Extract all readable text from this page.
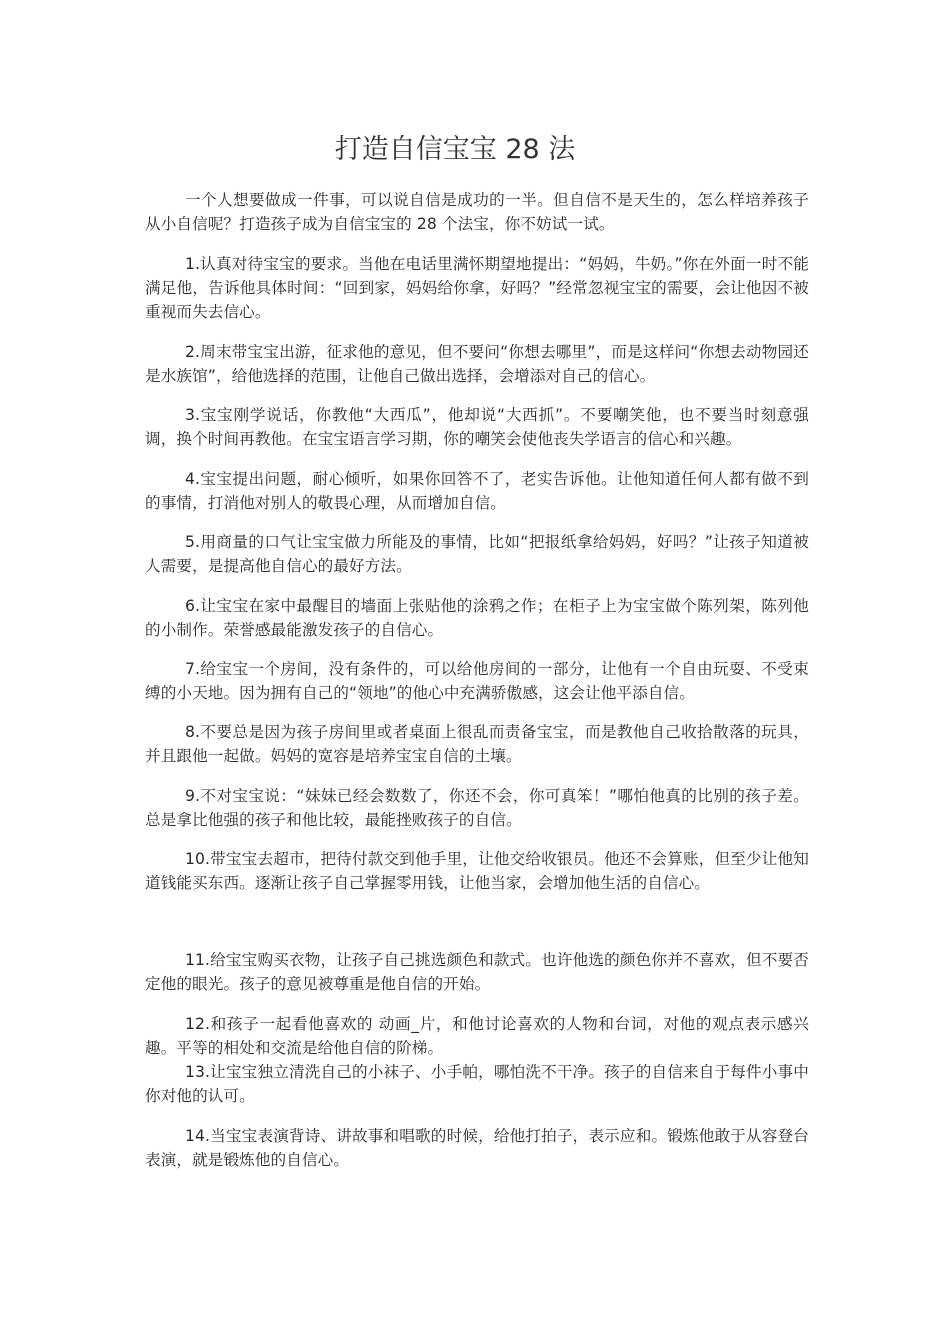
打造自信宝宝 28 法

一个人想要做成一件事，可以说自信是成功的一半。但自信不是天生的，怎么样培养孩子从小自信呢？打造孩子成为自信宝宝的 28 个法宝，你不妨试一试。

1.认真对待宝宝的要求。当他在电话里满怀期望地提出：“妈妈，牛奶。”你在外面一时不能满足他，告诉他具体时间：“回到家，妈妈给你拿，好吗？”经常忽视宝宝的需要，会让他因不被重视而失去信心。

2.周末带宝宝出游，征求他的意见，但不要问“你想去哪里”，而是这样问“你想去动物园还是水族馆”，给他选择的范围，让他自己做出选择，会增添对自己的信心。

3.宝宝刚学说话，你教他“大西瓜”，他却说“大西抓”。不要嘲笑他，也不要当时刻意强调，换个时间再教他。在宝宝语言学习期，你的嘲笑会使他丧失学语言的信心和兴趣。

4.宝宝提出问题，耐心倾听，如果你回答不了，老实告诉他。让他知道任何人都有做不到的事情，打消他对别人的敬畏心理，从而增加自信。

5.用商量的口气让宝宝做力所能及的事情，比如“把报纸拿给妈妈，好吗？”让孩子知道被人需要，是提高他自信心的最好方法。

6.让宝宝在家中最醒目的墙面上张贴他的涂鸦之作；在柜子上为宝宝做个陈列架，陈列他的小制作。荣誉感最能激发孩子的自信心。

7.给宝宝一个房间，没有条件的，可以给他房间的一部分，让他有一个自由玩耍、不受束缚的小天地。因为拥有自己的“领地”的他心中充满骄傲感，这会让他平添自信。

8.不要总是因为孩子房间里或者桌面上很乱而责备宝宝，而是教他自己收拾散落的玩具，并且跟他一起做。妈妈的宽容是培养宝宝自信的土壤。

9.不对宝宝说：“妹妹已经会数数了，你还不会，你可真笨！”哪怕他真的比别的孩子差。总是拿比他强的孩子和他比较，最能挫败孩子的自信。

10.带宝宝去超市，把待付款交到他手里，让他交给收银员。他还不会算账，但至少让他知道钱能买东西。逐渐让孩子自己掌握零用钱，让他当家，会增加他生活的自信心。

11.给宝宝购买衣物，让孩子自己挑选颜色和款式。也许他选的颜色你并不喜欢，但不要否定他的眼光。孩子的意见被尊重是他自信的开始。

12.和孩子一起看他喜欢的 动画_片，和他讨论喜欢的人物和台词，对他的观点表示感兴趣。平等的相处和交流是给他自信的阶梯。

13.让宝宝独立清洗自己的小袜子、小手帕，哪怕洗不干净。孩子的自信来自于每件小事中你对他的认可。

14.当宝宝表演背诗、讲故事和唱歌的时候，给他打拍子，表示应和。锻炼他敢于从容登台表演，就是锻炼他的自信心。
